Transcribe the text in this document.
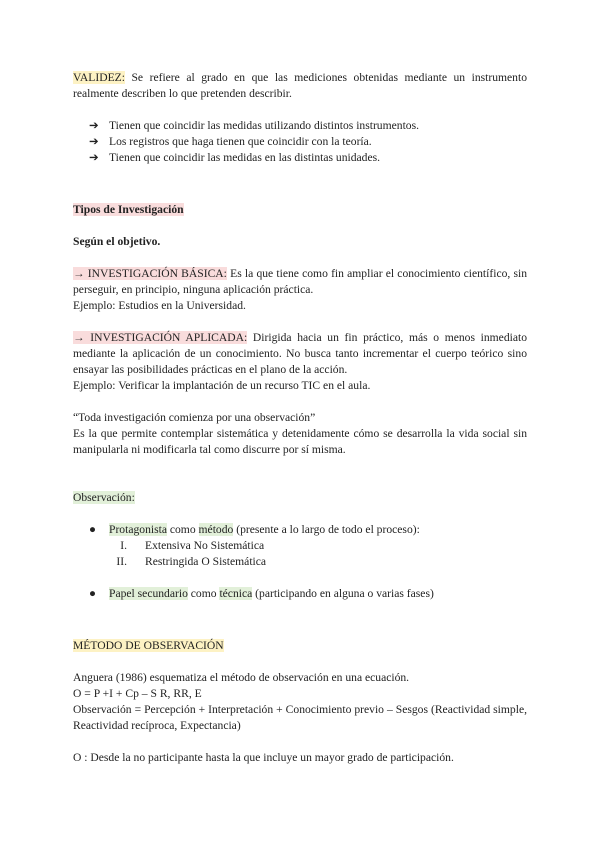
VALIDEZ: Se refiere al grado en que las mediciones obtenidas mediante un instrumento realmente describen lo que pretenden describir.

➔ Tienen que coincidir las medidas utilizando distintos instrumentos.
➔ Los registros que haga tienen que coincidir con la teoría.
➔ Tienen que coincidir las medidas en las distintas unidades.

Tipos de Investigación

Según el objetivo.

→ INVESTIGACIÓN BÁSICA: Es la que tiene como fin ampliar el conocimiento científico, sin perseguir, en principio, ninguna aplicación práctica.

Ejemplo: Estudios en la Universidad.

→ INVESTIGACIÓN APLICADA: Dirigida hacia un fin práctico, más o menos inmediato mediante la aplicación de un conocimiento. No busca tanto incrementar el cuerpo teórico sino ensayar las posibilidades prácticas en el plano de la acción.

Ejemplo: Verificar la implantación de un recurso TIC en el aula.

“Toda investigación comienza por una observación”

Es la que permite contemplar sistemática y detenidamente cómo se desarrolla la vida social sin manipularla ni modificarla tal como discurre por sí misma.

Observación:

● Protagonista como método (presente a lo largo de todo el proceso):
I. Extensiva No Sistemática
II. Restringida O Sistemática
● Papel secundario como técnica (participando en alguna o varias fases)

MÉTODO DE OBSERVACIÓN

Anguera (1986) esquematiza el método de observación en una ecuación.

O = P +I + Cp – S R, RR, E

Observación = Percepción + Interpretación + Conocimiento previo – Sesgos (Reactividad simple, Reactividad recíproca, Expectancia)

O : Desde la no participante hasta la que incluye un mayor grado de participación.
